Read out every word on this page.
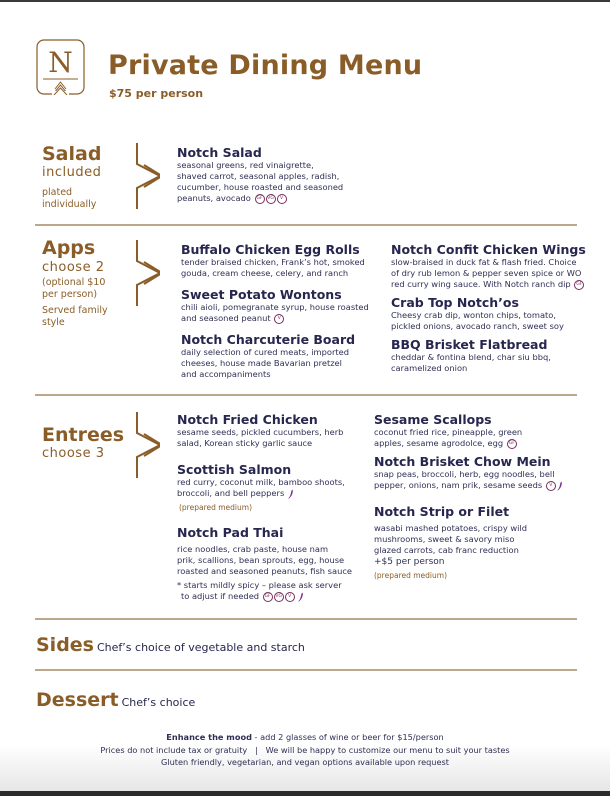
N Private Dining Menu
$75 per person
Salad
included
plated
individually
Notch Salad
seasonal greens, red vinaigrette,
shaved carrot, seasonal apples, radish,
cucumber, house roasted and seasoned
peanuts, avocado GF VG V
Apps
choose 2
(optional $10
per person)
Served family
style
Buffalo Chicken Egg Rolls
tender braised chicken, Frank’s hot, smoked
gouda, cream cheese, celery, and ranch
Sweet Potato Wontons
chili aioli, pomegranate syrup, house roasted
and seasoned peanut V
Notch Charcuterie Board
daily selection of cured meats, imported
cheeses, house made Bavarian pretzel
and accompaniments
Notch Confit Chicken Wings
slow-braised in duck fat & flash fried. Choice
of dry rub lemon & pepper seven spice or WO
red curry wing sauce. With Notch ranch dip GF
Crab Top Notch’os
Cheesy crab dip, wonton chips, tomato,
pickled onions, avocado ranch, sweet soy
BBQ Brisket Flatbread
cheddar & fontina blend, char siu bbq,
caramelized onion
Entrees
choose 3
Notch Fried Chicken
sesame seeds, pickled cucumbers, herb
salad, Korean sticky garlic sauce
Scottish Salmon
red curry, coconut milk, bamboo shoots,
broccoli, and bell peppers
(prepared medium)
Notch Pad Thai
rice noodles, crab paste, house nam
prik, scallions, bean sprouts, egg, house
roasted and seasoned peanuts, fish sauce
* starts mildly spicy – please ask server
to adjust if needed GF VG V
Sesame Scallops
coconut fried rice, pineapple, green
apples, sesame agrodolce, egg GF
Notch Brisket Chow Mein
snap peas, broccoli, herb, egg noodles, bell
pepper, onions, nam prik, sesame seeds V
Notch Strip or Filet
wasabi mashed potatoes, crispy wild
mushrooms, sweet & savory miso
glazed carrots, cab franc reduction
+$5 per person
(prepared medium)
Sides Chef’s choice of vegetable and starch
Dessert Chef’s choice
Enhance the mood - add 2 glasses of wine or beer for $15/person
Prices do not include tax or gratuity   |   We will be happy to customize our menu to suit your tastes
Gluten friendly, vegetarian, and vegan options available upon request
